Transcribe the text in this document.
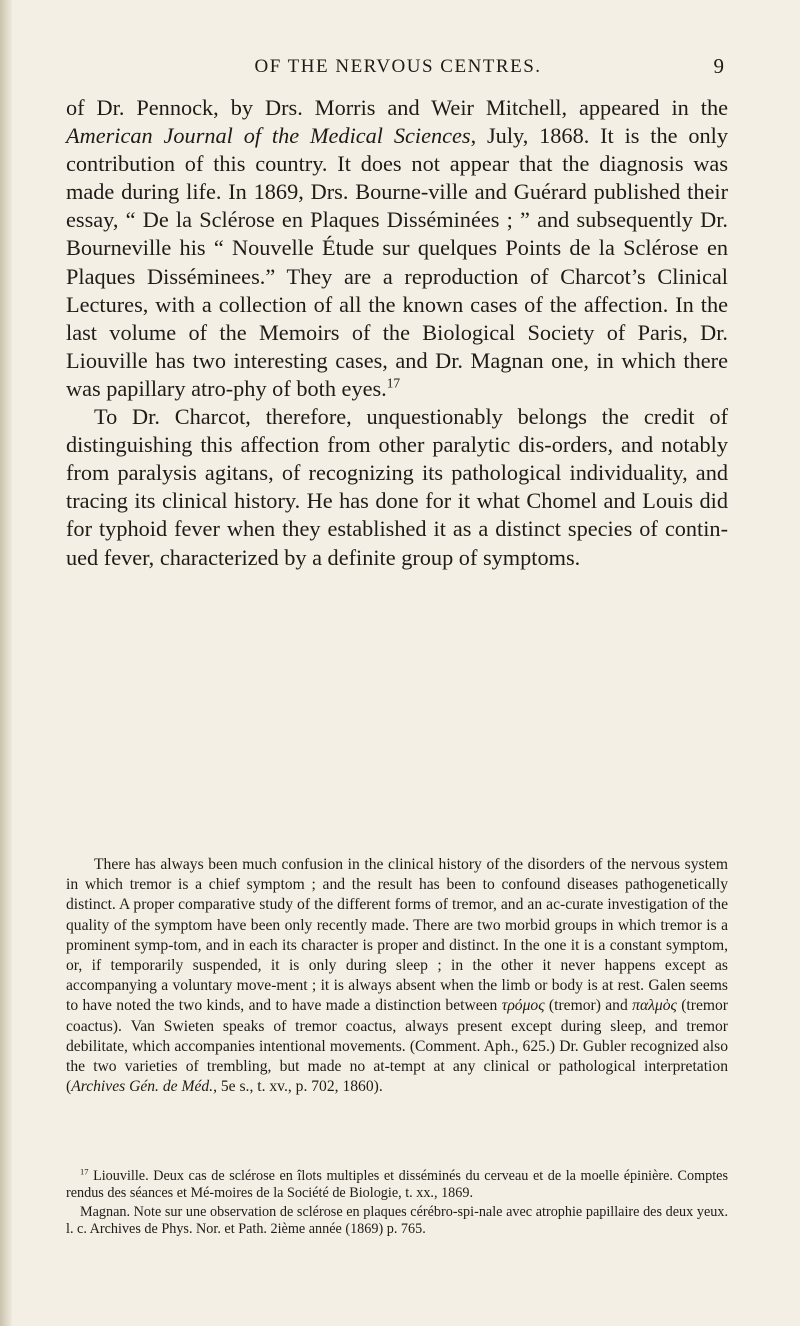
OF THE NERVOUS CENTRES.	9

of Dr. Pennock, by Drs. Morris and Weir Mitchell, appeared in the American Journal of the Medical Sciences, July, 1868. It is the only contribution of this country. It does not appear that the diagnosis was made during life. In 1869, Drs. Bourne-ville and Guérard published their essay, “ De la Sclérose en Plaques Disséminées ; ” and subsequently Dr. Bourneville his “ Nouvelle Étude sur quelques Points de la Sclérose en Plaques Disséminees.” They are a reproduction of Charcot’s Clinical Lectures, with a collection of all the known cases of the affection. In the last volume of the Memoirs of the Biological Society of Paris, Dr. Liouville has two interesting cases, and Dr. Magnan one, in which there was papillary atro-phy of both eyes.$^{17}$

To Dr. Charcot, therefore, unquestionably belongs the credit of distinguishing this affection from other paralytic dis-orders, and notably from paralysis agitans, of recognizing its pathological individuality, and tracing its clinical history. He has done for it what Chomel and Louis did for typhoid fever when they established it as a distinct species of contin-ued fever, characterized by a definite group of symptoms.

There has always been much confusion in the clinical history of the disorders of the nervous system in which tremor is a chief symptom ; and the result has been to confound diseases pathogenetically distinct. A proper comparative study of the different forms of tremor, and an ac-curate investigation of the quality of the symptom have been only recently made. There are two morbid groups in which tremor is a prominent symp-tom, and in each its character is proper and distinct. In the one it is a constant symptom, or, if temporarily suspended, it is only during sleep ; in the other it never happens except as accompanying a voluntary move-ment ; it is always absent when the limb or body is at rest. Galen seems to have noted the two kinds, and to have made a distinction between τρόμος (tremor) and παλμὸς (tremor coactus). Van Swieten speaks of tremor coactus, always present except during sleep, and tremor debilitate, which accompanies intentional movements. (Comment. Aph., 625.) Dr. Gubler recognized also the two varieties of trembling, but made no at-tempt at any clinical or pathological interpretation (Archives Gén. de Méd., 5e s., t. xv., p. 702, 1860).

$^{17}$ Liouville. Deux cas de sclérose en îlots multiples et disséminés du cerveau et de la moelle épinière. Comptes rendus des séances et Mé-moires de la Société de Biologie, t. xx., 1869.

Magnan. Note sur une observation de sclérose en plaques cérébro-spi-nale avec atrophie papillaire des deux yeux. l. c. Archives de Phys. Nor. et Path. 2ième année (1869) p. 765.
